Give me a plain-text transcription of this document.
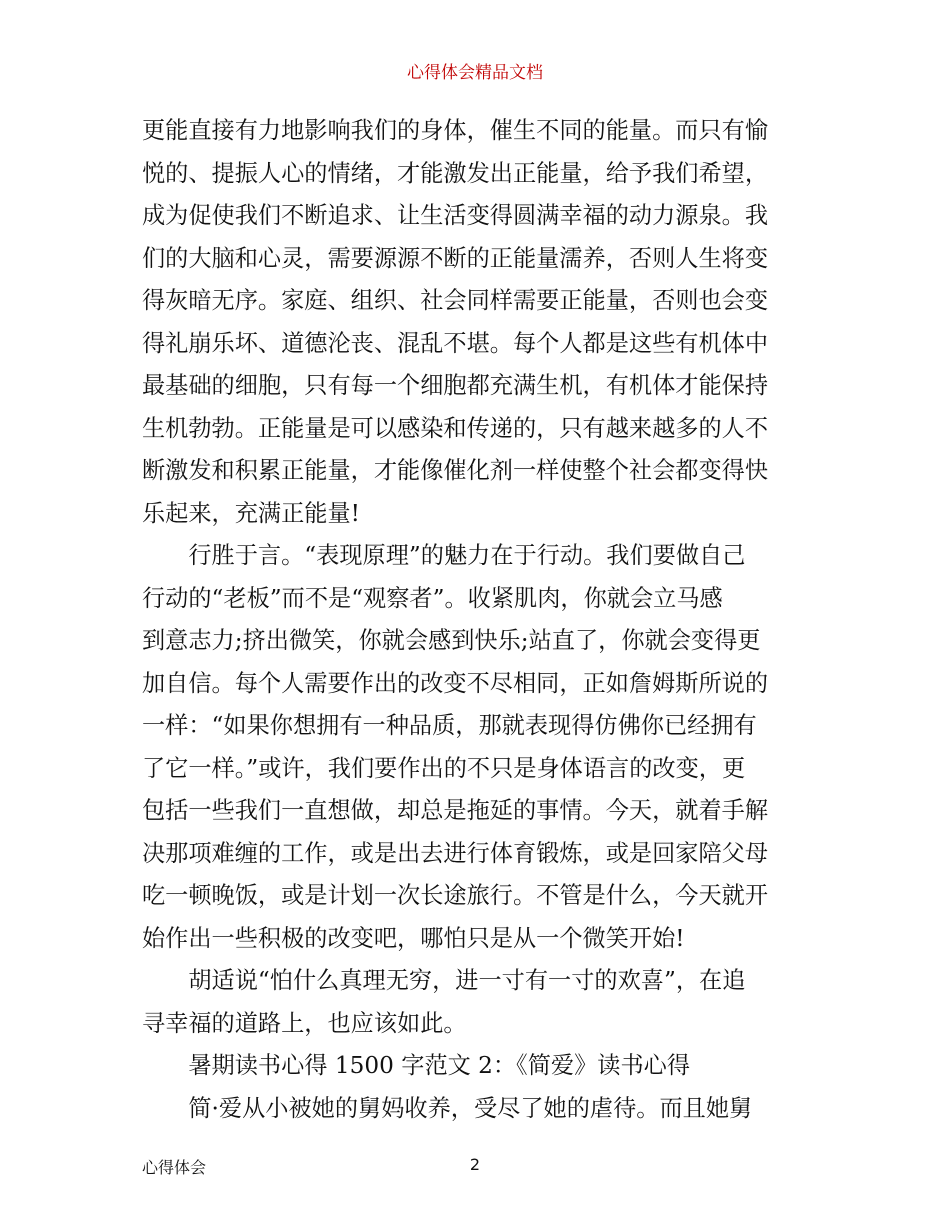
心得体会精品文档
更能直接有力地影响我们的身体，催生不同的能量。而只有愉
悦的、提振人心的情绪，才能激发出正能量，给予我们希望，
成为促使我们不断追求、让生活变得圆满幸福的动力源泉。我
们的大脑和心灵，需要源源不断的正能量濡养，否则人生将变
得灰暗无序。家庭、组织、社会同样需要正能量，否则也会变
得礼崩乐坏、道德沦丧、混乱不堪。每个人都是这些有机体中
最基础的细胞，只有每一个细胞都充满生机，有机体才能保持
生机勃勃。正能量是可以感染和传递的，只有越来越多的人不
断激发和积累正能量，才能像催化剂一样使整个社会都变得快
乐起来，充满正能量!
　　行胜于言。“表现原理”的魅力在于行动。我们要做自己
行动的“老板”而不是“观察者”。收紧肌肉，你就会立马感
到意志力;挤出微笑，你就会感到快乐;站直了，你就会变得更
加自信。每个人需要作出的改变不尽相同，正如詹姆斯所说的
一样：“如果你想拥有一种品质，那就表现得仿佛你已经拥有
了它一样。”或许，我们要作出的不只是身体语言的改变，更
包括一些我们一直想做，却总是拖延的事情。今天，就着手解
决那项难缠的工作，或是出去进行体育锻炼，或是回家陪父母
吃一顿晚饭，或是计划一次长途旅行。不管是什么，今天就开
始作出一些积极的改变吧，哪怕只是从一个微笑开始!
　　胡适说“怕什么真理无穷，进一寸有一寸的欢喜”，在追
寻幸福的道路上，也应该如此。
　　暑期读书心得 1500 字范文 2：《简爱》读书心得
　　简·爱从小被她的舅妈收养，受尽了她的虐待。而且她舅
心得体会	2
